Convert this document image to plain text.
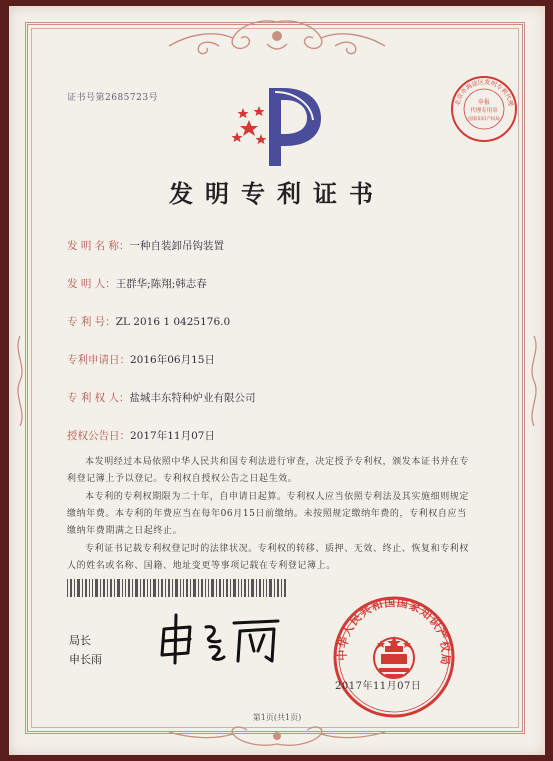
证书号第2685723号	北京市海淀区发明专利代理
申报
代理专用章
国家知识产权局
发明专利证书
发 明 名 称：一种自装卸吊钩装置
发 明 人：王群华;陈翔;韩志春
专 利 号：ZL 2016 1 0425176.0
专利申请日：2016年06月15日
专 利 权 人：盐城丰东特种炉业有限公司
授权公告日：2017年11月07日

本发明经过本局依照中华人民共和国专利法进行审查，决定授予专利权，颁发本证书并在专利登记簿上予以登记。专利权自授权公告之日起生效。

本专利的专利权期限为二十年，自申请日起算。专利权人应当依照专利法及其实施细则规定缴纳年费。本专利的年费应当在每年06月15日前缴纳。未按照规定缴纳年费的，专利权自应当缴纳年费期满之日起终止。

专利证书记载专利权登记时的法律状况。专利权的转移、质押、无效、终止、恢复和专利权人的姓名或名称、国籍、地址变更等事项记载在专利登记簿上。

局长
申长雨	中华人民共和国国家知识产权局
2017年11月07日
第1页(共1页)
